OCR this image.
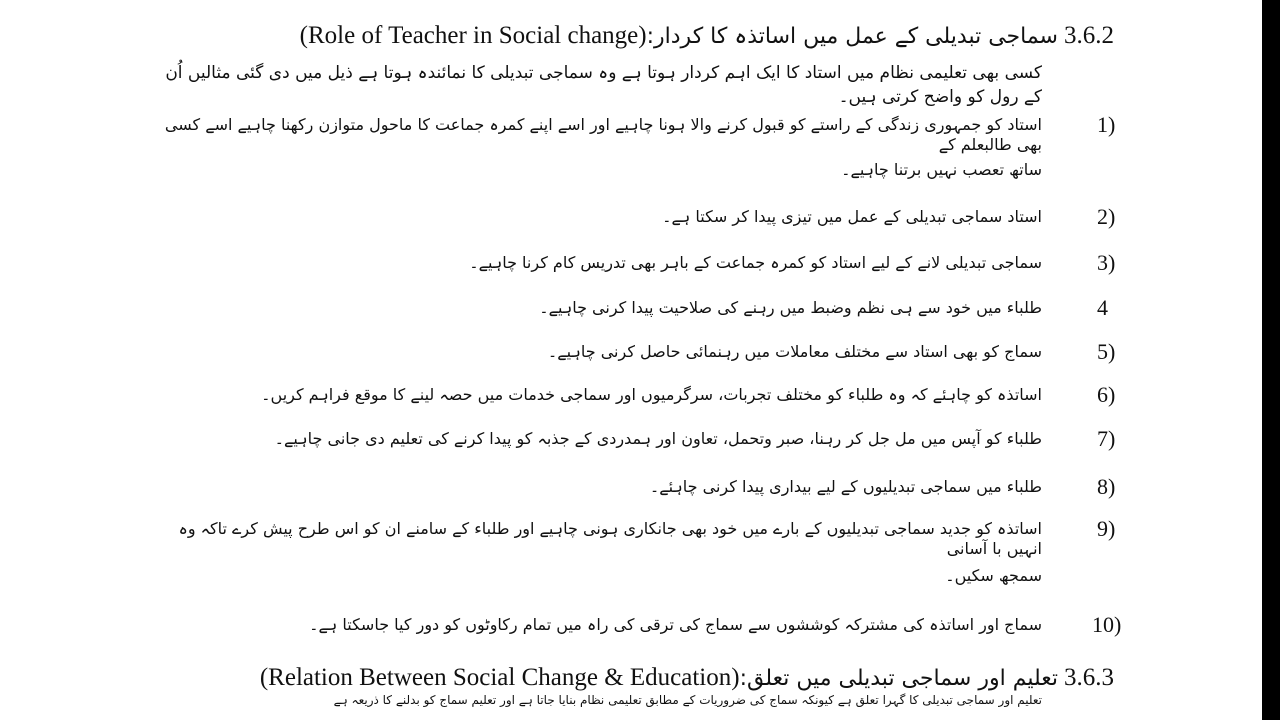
3.6.2
سماجی تبدیلی کے عمل میں اساتذہ کا کردار:(Role of Teacher in Social change)
کسی بھی تعلیمی نظام میں استاد کا ایک اہم کردار ہوتا ہے وہ سماجی تبدیلی کا نمائندہ ہوتا ہے ذیل میں دی گئی مثالیں اُن کے رول کو واضح کرتی ہیں۔
1)
استاد کو جمہوری زندگی کے راستے کو قبول کرنے والا ہونا چاہیے اور اسے اپنے کمرہ جماعت کا ماحول متوازن رکھنا چاہیے اسے کسی بھی طالبعلم کے
ساتھ تعصب نہیں برتنا چاہیے۔
2)
استاد سماجی تبدیلی کے عمل میں تیزی پیدا کر سکتا ہے۔
3)
سماجی تبدیلی لانے کے لیے استاد کو کمرہ جماعت کے باہر بھی تدریس کام کرنا چاہیے۔
4
طلباء میں خود سے ہی نظم وضبط میں رہنے کی صلاحیت پیدا کرنی چاہیے۔
5)
سماج کو بھی استاد سے مختلف معاملات میں رہنمائی حاصل کرنی چاہیے۔
6)
اساتذہ کو چاہئے کہ وہ طلباء کو مختلف تجربات، سرگرمیوں اور سماجی خدمات میں حصہ لینے کا موقع فراہم کریں۔
7)
طلباء کو آپس میں مل جل کر رہنا، صبر وتحمل، تعاون اور ہمدردی کے جذبہ کو پیدا کرنے کی تعلیم دی جانی چاہیے۔
8)
طلباء میں سماجی تبدیلیوں کے لیے بیداری پیدا کرنی چاہئے۔
9)
اساتذہ کو جدید سماجی تبدیلیوں کے بارے میں خود بھی جانکاری ہونی چاہیے اور طلباء کے سامنے ان کو اس طرح پیش کرے تاکہ وہ انہیں با آسانی
سمجھ سکیں۔
10)
سماج اور اساتذہ کی مشترکہ کوششوں سے سماج کی ترقی کی راہ میں تمام رکاوٹوں کو دور کیا جاسکتا ہے۔
3.6.3
تعلیم اور سماجی تبدیلی میں تعلق:(Relation Between Social Change & Education)
تعلیم اور سماجی تبدیلی کا گہرا تعلق ہے کیونکہ سماج کی ضروریات کے مطابق تعلیمی نظام بنایا جاتا ہے اور تعلیم سماج کو بدلنے کا ذریعہ ہے
